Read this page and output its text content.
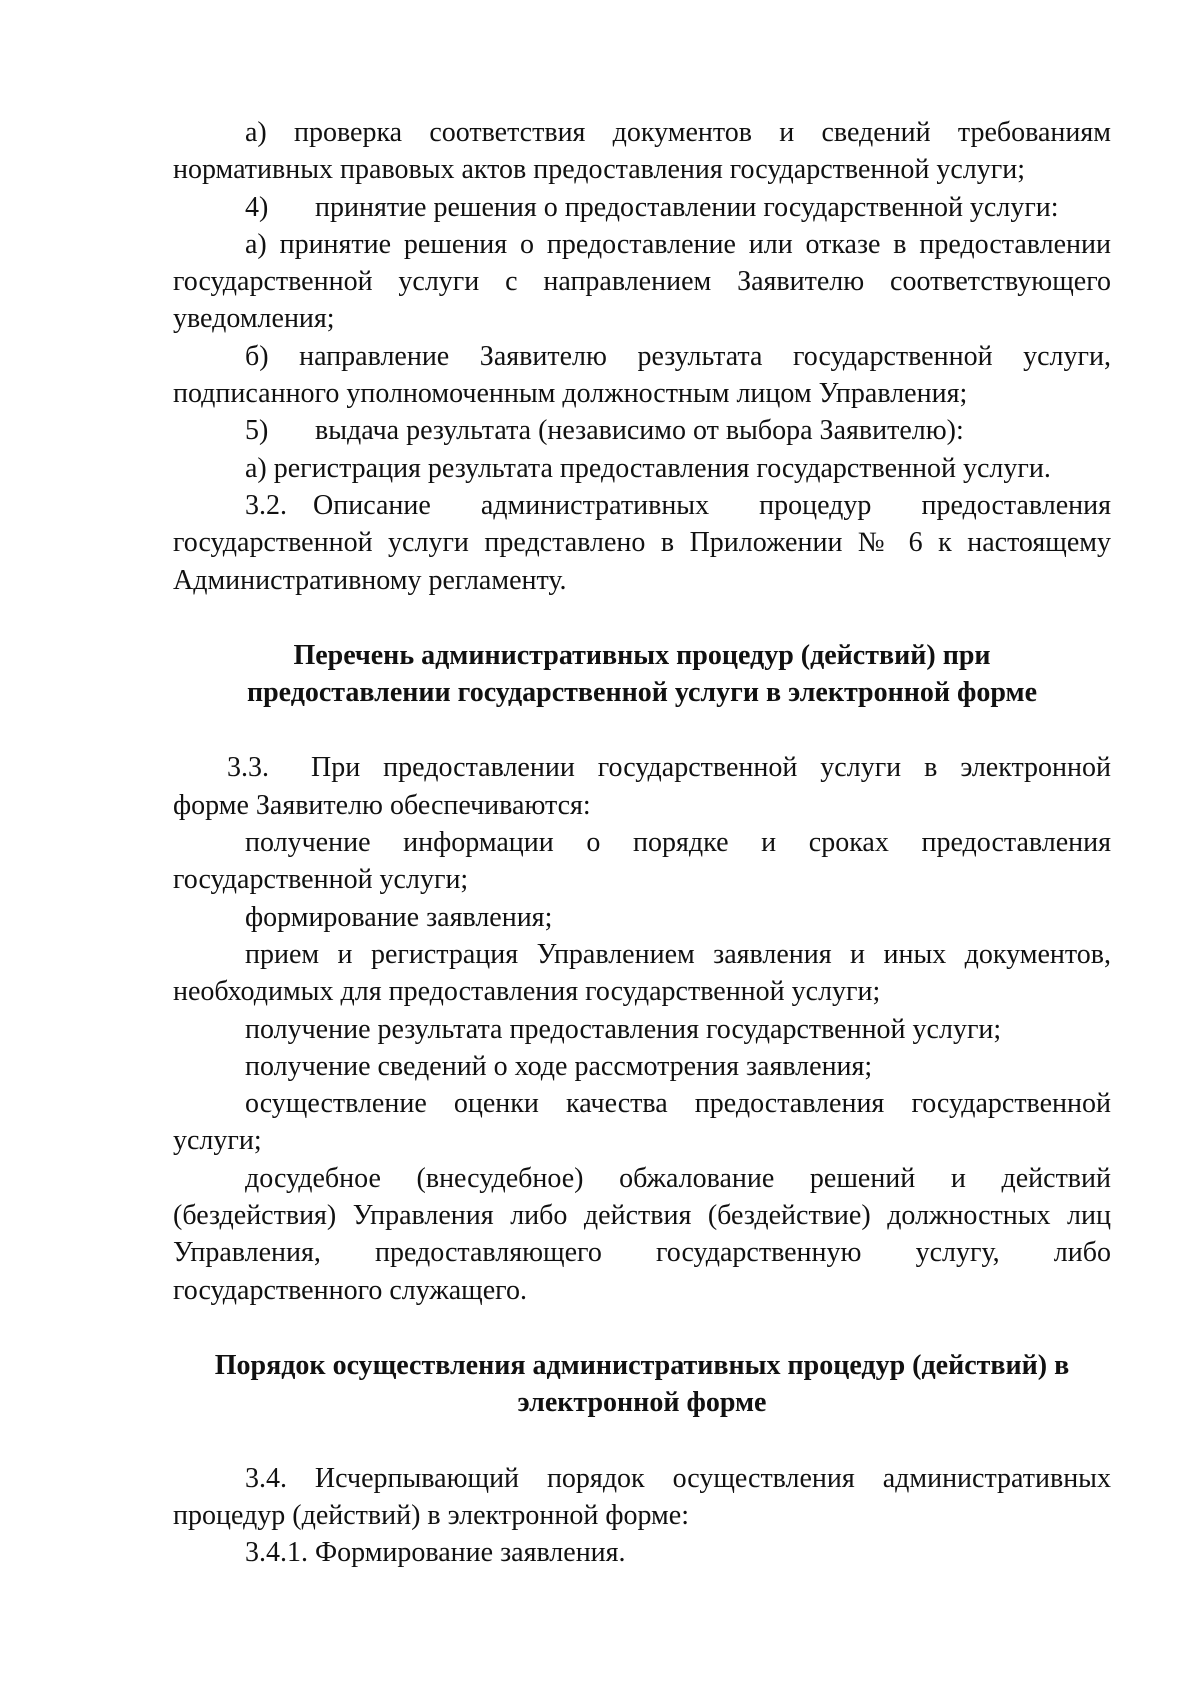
а) проверка соответствия документов и сведений требованиям нормативных правовых актов предоставления государственной услуги;

4) принятие решения о предоставлении государственной услуги:

а) принятие решения о предоставление или отказе в предоставлении государственной услуги с направлением Заявителю соответствующего уведомления;

б) направление Заявителю результата государственной услуги, подписанного уполномоченным должностным лицом Управления;

5) выдача результата (независимо от выбора Заявителю):

а) регистрация результата предоставления государственной услуги.

3.2. Описание административных процедур предоставления государственной услуги представлено в Приложении № 6 к настоящему Административному регламенту.

Перечень административных процедур (действий) при
предоставлении государственной услуги в электронной форме

3.3. При предоставлении государственной услуги в электронной форме Заявителю обеспечиваются:

получение информации о порядке и сроках предоставления государственной услуги;

формирование заявления;

прием и регистрация Управлением заявления и иных документов, необходимых для предоставления государственной услуги;

получение результата предоставления государственной услуги;

получение сведений о ходе рассмотрения заявления;

осуществление оценки качества предоставления государственной услуги;

досудебное (внесудебное) обжалование решений и действий (бездействия) Управления либо действия (бездействие) должностных лиц Управления, предоставляющего государственную услугу, либо государственного служащего.

Порядок осуществления административных процедур (действий) в
электронной форме

3.4. Исчерпывающий порядок осуществления административных процедур (действий) в электронной форме:

3.4.1. Формирование заявления.
